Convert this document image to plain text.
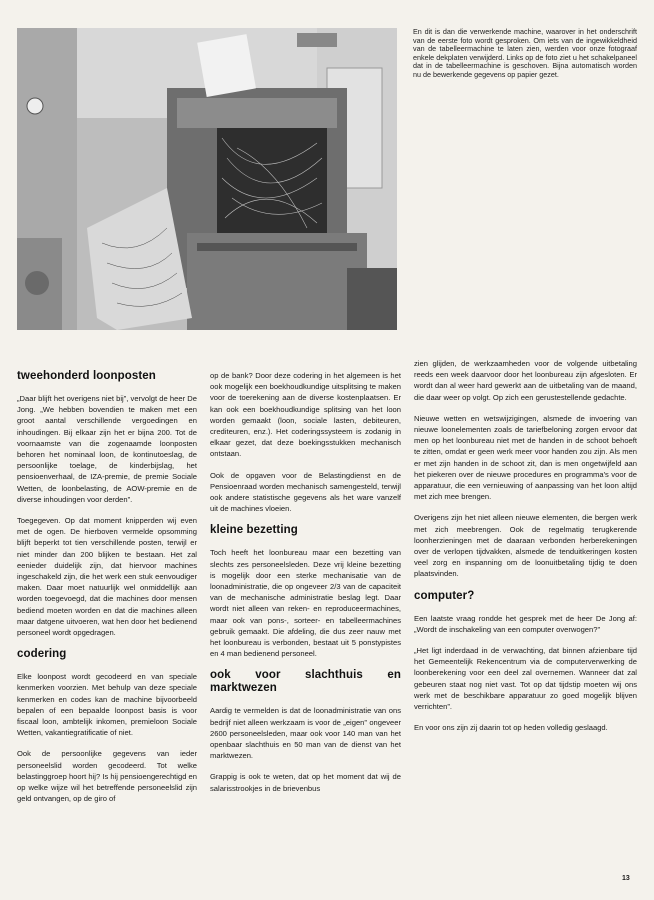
En dit is dan die verwerkende machine, waarover in het onderschrift van de eerste foto wordt gesproken. Om iets van de ingewikkeldheid van de tabelleermachine te laten zien, werden voor onze fotograaf enkele dekplaten verwijderd. Links op de foto ziet u het schakelpaneel dat in de tabelleermachine is geschoven. Bijna automatisch worden nu de bewerkende gegevens op papier gezet.
tweehonderd loonposten

„Daar blijft het overigens niet bij”, vervolgt de heer De Jong. „We hebben bovendien te maken met een groot aantal verschillende vergoedingen en inhoudingen. Bij elkaar zijn het er bijna 200. Tot de voornaamste van die zogenaamde loonposten behoren het nominaal loon, de kontinutoeslag, de persoonlijke toelage, de kinderbijslag, het pensioenverhaal, de IZA-premie, de premie Sociale Wetten, de loonbelasting, de AOW-premie en de diverse inhoudingen voor derden”.

Toegegeven. Op dat moment knipperden wij even met de ogen. De hierboven vermelde opsomming blijft beperkt tot tien verschillende posten, terwijl er niet minder dan 200 blijken te bestaan. Het zal eenieder duidelijk zijn, dat hiervoor machines ingeschakeld zijn, die het werk een stuk eenvoudiger maken. Daar moet natuurlijk wel onmiddellijk aan worden toegevoegd, dat die machines door mensen bediend moeten worden en dat die machines alleen maar datgene uitvoeren, wat hen door het bedienend personeel wordt opgedragen.

codering

Elke loonpost wordt gecodeerd en van speciale kenmerken voorzien. Met behulp van deze speciale kenmerken en codes kan de machine bijvoorbeeld bepalen of een bepaalde loonpost basis is voor fiscaal loon, ambtelijk inkomen, premieloon Sociale Wetten, vakantiegratificatie of niet.

Ook de persoonlijke gegevens van ieder personeelslid worden gecodeerd. Tot welke belastinggroep hoort hij? Is hij pensioengerechtigd en op welke wijze wil het betreffende personeelslid zijn geld ontvangen, op de giro of

op de bank? Door deze codering in het algemeen is het ook mogelijk een boekhoudkundige uitsplitsing te maken voor de toerekening aan de diverse kostenplaatsen. Er kan ook een boekhoudkundige splitsing van het loon worden gemaakt (loon, sociale lasten, debiteuren, crediteuren, enz.). Het coderingssysteem is zodanig in elkaar gezet, dat deze boekingsstukken mechanisch ontstaan.

Ook de opgaven voor de Belastingdienst en de Pensioenraad worden mechanisch samengesteld, terwijl ook andere statistische gegevens als het ware vanzelf uit de machines vloeien.

kleine bezetting

Toch heeft het loonbureau maar een bezetting van slechts zes personeelsleden. Deze vrij kleine bezetting is mogelijk door een sterke mechanisatie van de loonadministratie, die op ongeveer 2/3 van de capaciteit van de mechanische administratie beslag legt. Daar wordt niet alleen van reken- en reproduceermachines, maar ook van pons-, sorteer- en tabelleermachines gebruik gemaakt. Die afdeling, die dus zeer nauw met het loonbureau is verbonden, bestaat uit 5 ponstypistes en 4 man bedienend personeel.

ook voor slachthuis en marktwezen

Aardig te vermelden is dat de loonadministratie van ons bedrijf niet alleen werkzaam is voor de „eigen” ongeveer 2600 personeelsleden, maar ook voor 140 man van het openbaar slachthuis en 50 man van de dienst van het marktwezen.

Grappig is ook te weten, dat op het moment dat wij de salarisstrookjes in de brievenbus

zien glijden, de werkzaamheden voor de volgende uitbetaling reeds een week daarvoor door het loonbureau zijn afgesloten. Er wordt dan al weer hard gewerkt aan de uitbetaling van de maand, die daar weer op volgt. Op zich een gerustestellende gedachte.

Nieuwe wetten en wetswijzigingen, alsmede de invoering van nieuwe loonelementen zoals de tariefbeloning zorgen ervoor dat men op het loonbureau niet met de handen in de schoot behoeft te zitten, omdat er geen werk meer voor handen zou zijn. Als men er met zijn handen in de schoot zit, dan is men ongetwijfeld aan het piekeren over de nieuwe procedures en programma's voor de apparatuur, die een vernieuwing of aanpassing van het loon altijd met zich mee brengen.

Overigens zijn het niet alleen nieuwe elementen, die bergen werk met zich meebrengen. Ook de regelmatig terugkerende loonherzieningen met de daaraan verbonden herberekeningen over de verlopen tijdvakken, alsmede de tenduitkeringen kosten veel zorg en inspanning om de loonuitbetaling tijdig te doen plaatsvinden.

computer?

Een laatste vraag rondde het gesprek met de heer De Jong af: „Wordt de inschakeling van een computer overwogen?”

„Het ligt inderdaad in de verwachting, dat binnen afzienbare tijd het Gemeentelijk Rekencentrum via de computerverwerking de loonberekening voor een deel zal overnemen. Wanneer dat zal gebeuren staat nog niet vast. Tot op dat tijdstip moeten wij ons werk met de beschikbare apparatuur zo goed mogelijk blijven verrichten”.

En voor ons zijn zij daarin tot op heden volledig geslaagd.

13
